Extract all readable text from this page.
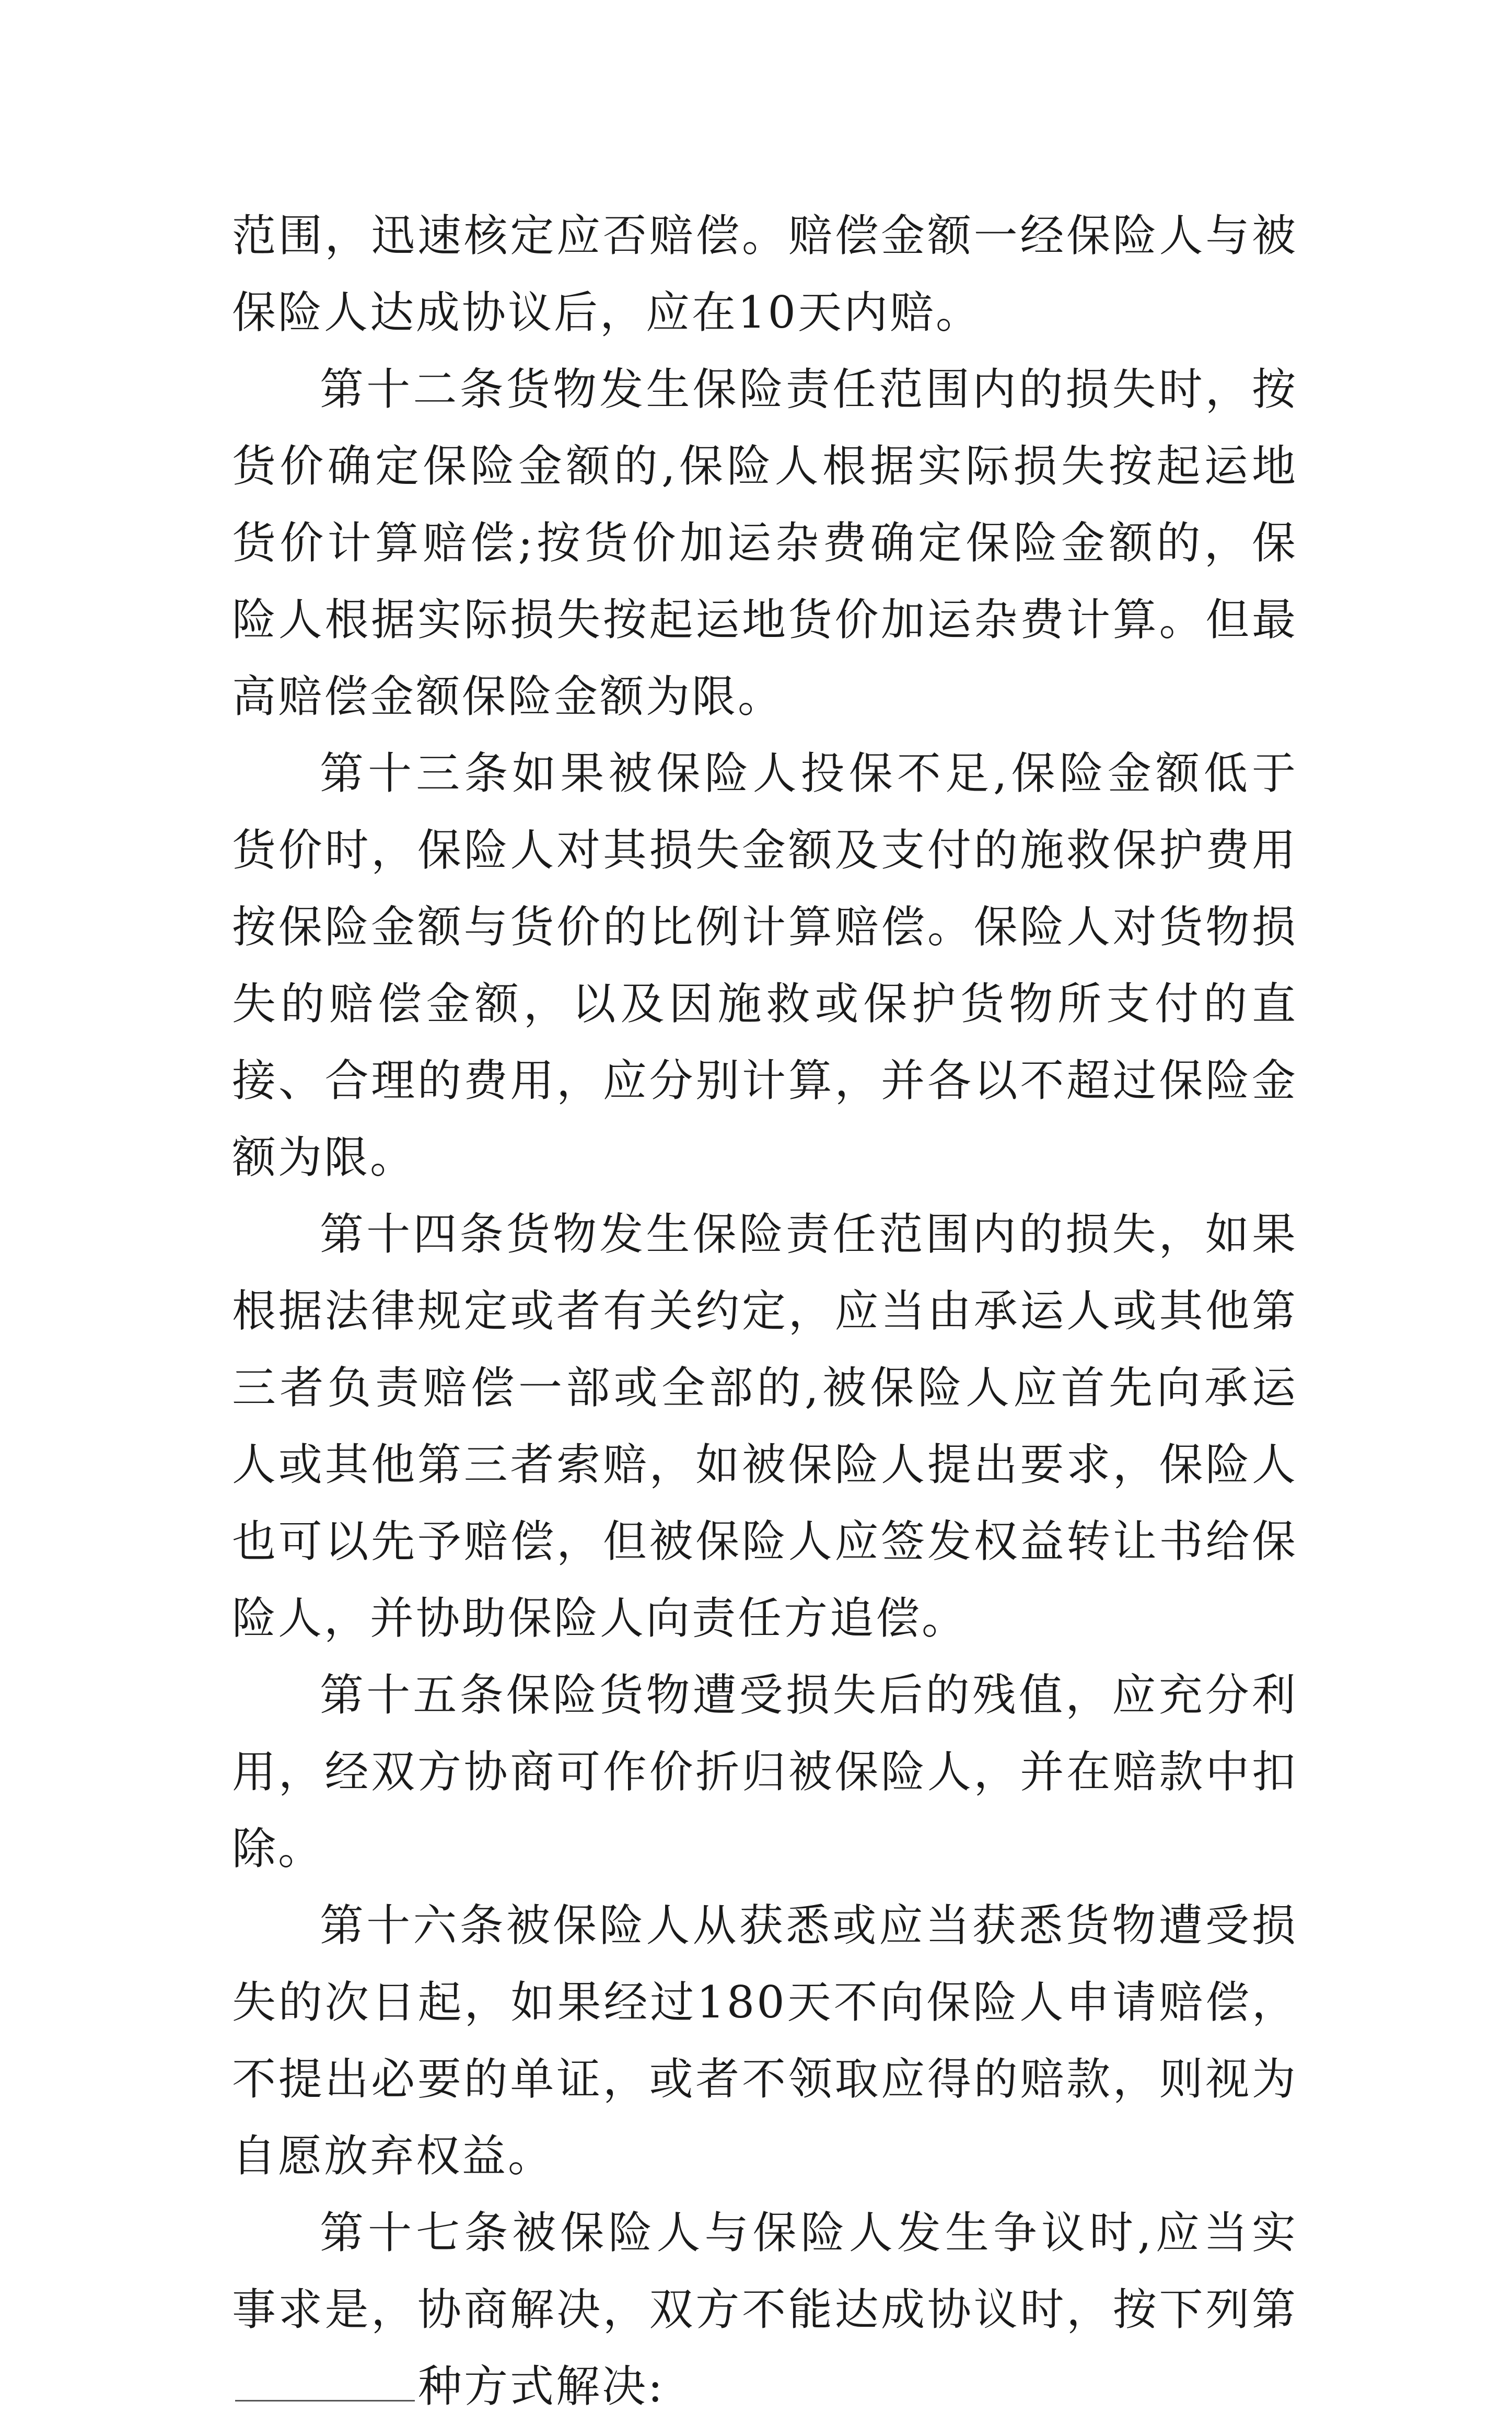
范围，迅速核定应否赔偿。赔偿金额一经保险人与被保险人达成协议后，应在10天内赔。

第十二条货物发生保险责任范围内的损失时，按货价确定保险金额的,保险人根据实际损失按起运地货价计算赔偿;按货价加运杂费确定保险金额的，保险人根据实际损失按起运地货价加运杂费计算。但最高赔偿金额保险金额为限。

第十三条如果被保险人投保不足,保险金额低于货价时，保险人对其损失金额及支付的施救保护费用按保险金额与货价的比例计算赔偿。保险人对货物损失的赔偿金额，以及因施救或保护货物所支付的直接、合理的费用，应分别计算，并各以不超过保险金额为限。

第十四条货物发生保险责任范围内的损失，如果根据法律规定或者有关约定，应当由承运人或其他第三者负责赔偿一部或全部的,被保险人应首先向承运人或其他第三者索赔，如被保险人提出要求，保险人也可以先予赔偿，但被保险人应签发权益转让书给保险人，并协助保险人向责任方追偿。

第十五条保险货物遭受损失后的残值，应充分利用，经双方协商可作价折归被保险人，并在赔款中扣除。

第十六条被保险人从获悉或应当获悉货物遭受损失的次日起，如果经过180天不向保险人申请赔偿，不提出必要的单证，或者不领取应得的赔款，则视为自愿放弃权益。

第十七条被保险人与保险人发生争议时,应当实事求是，协商解决，双方不能达成协议时，按下列第种方式解决:
